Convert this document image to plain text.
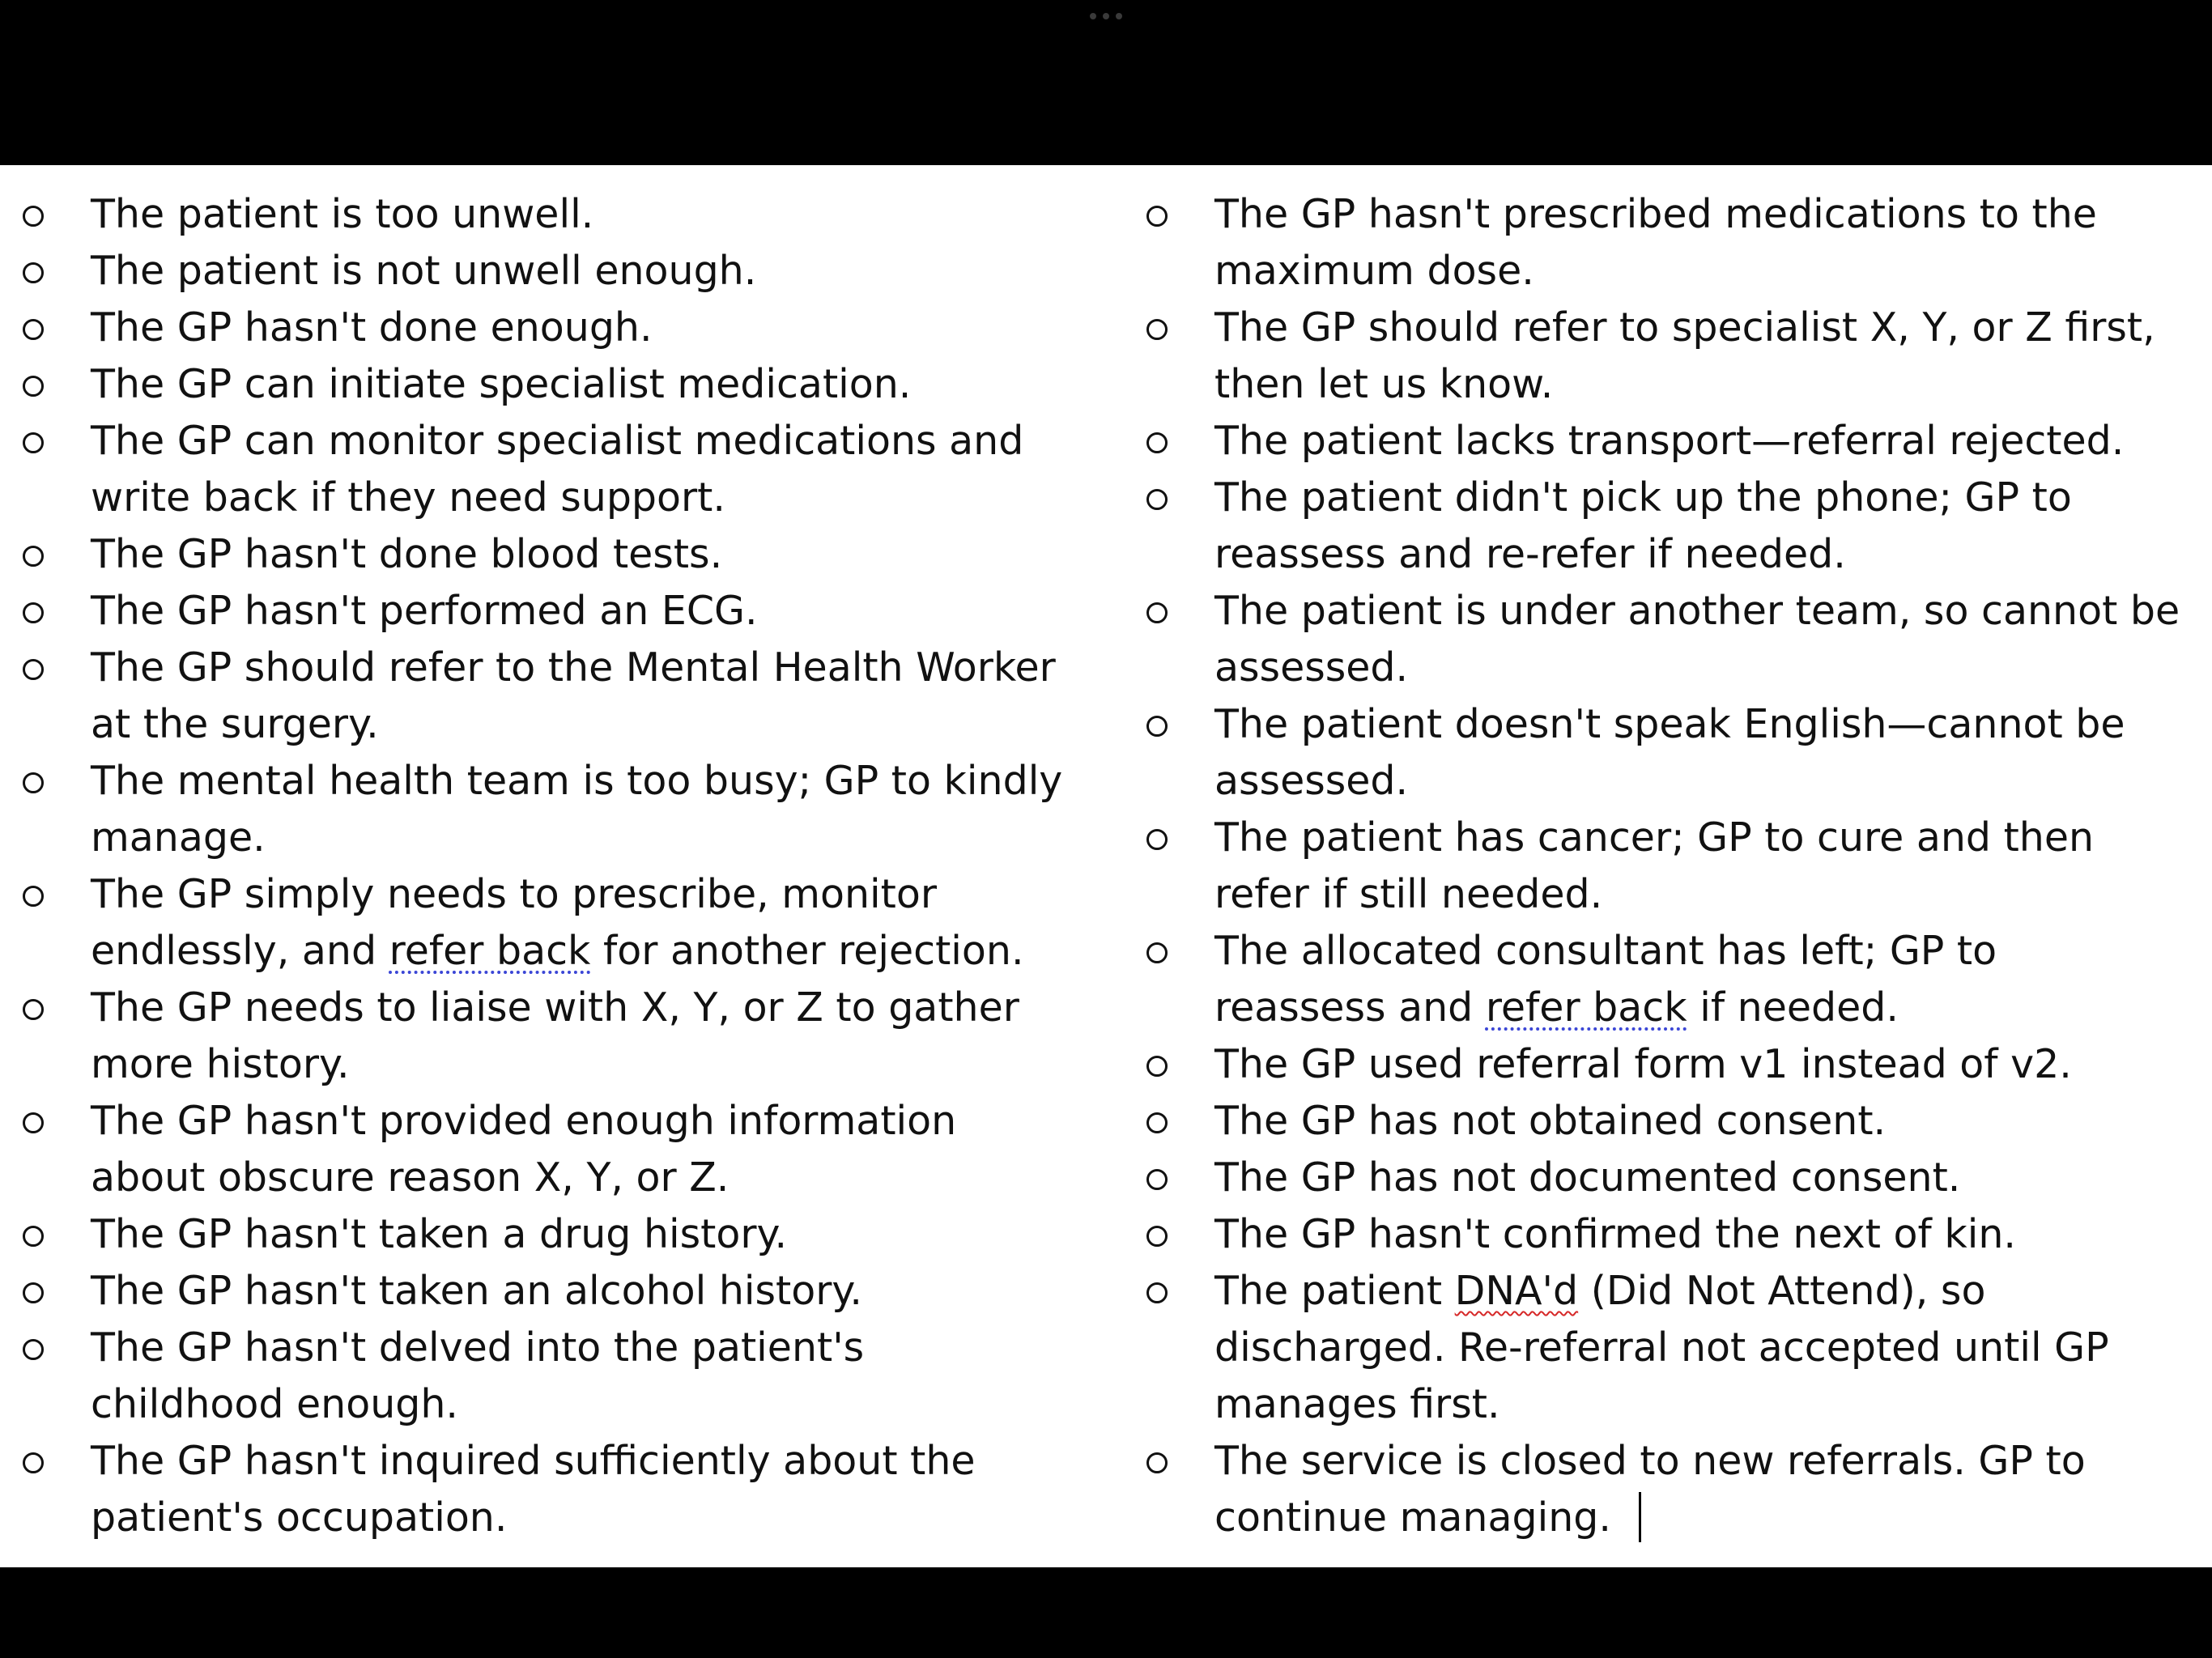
The patient is too unwell.
The patient is not unwell enough.
The GP hasn't done enough.
The GP can initiate specialist medication.
The GP can monitor specialist medications and
write back if they need support.
The GP hasn't done blood tests.
The GP hasn't performed an ECG.
The GP should refer to the Mental Health Worker
at the surgery.
The mental health team is too busy; GP to kindly
manage.
The GP simply needs to prescribe, monitor
endlessly, and refer back for another rejection.
The GP needs to liaise with X, Y, or Z to gather
more history.
The GP hasn't provided enough information
about obscure reason X, Y, or Z.
The GP hasn't taken a drug history.
The GP hasn't taken an alcohol history.
The GP hasn't delved into the patient's
childhood enough.
The GP hasn't inquired sufficiently about the
patient's occupation.
The GP hasn't prescribed medications to the
maximum dose.
The GP should refer to specialist X, Y, or Z first,
then let us know.
The patient lacks transport—referral rejected.
The patient didn't pick up the phone; GP to
reassess and re-refer if needed.
The patient is under another team, so cannot be
assessed.
The patient doesn't speak English—cannot be
assessed.
The patient has cancer; GP to cure and then
refer if still needed.
The allocated consultant has left; GP to
reassess and refer back if needed.
The GP used referral form v1 instead of v2.
The GP has not obtained consent.
The GP has not documented consent.
The GP hasn't confirmed the next of kin.
The patient DNA'd (Did Not Attend), so
discharged. Re-referral not accepted until GP
manages first.
The service is closed to new referrals. GP to
continue managing.
